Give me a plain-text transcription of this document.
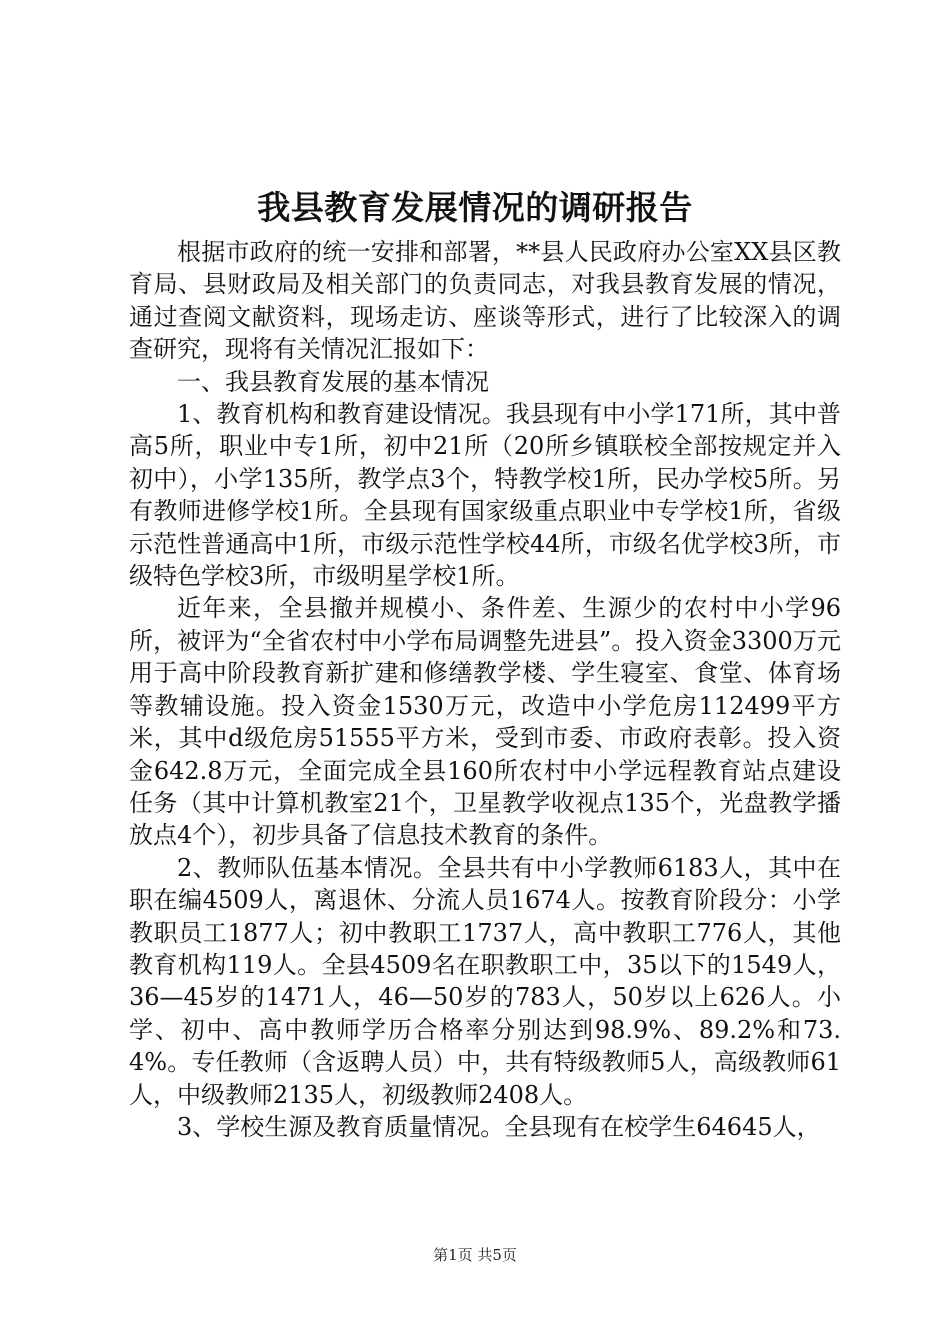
我县教育发展情况的调研报告

根据市政府的统一安排和部署，**县人民政府办公室XX县区教育局、县财政局及相关部门的负责同志，对我县教育发展的情况，通过查阅文献资料，现场走访、座谈等形式，进行了比较深入的调查研究，现将有关情况汇报如下：

一、我县教育发展的基本情况

1、教育机构和教育建设情况。我县现有中小学171所，其中普高5所，职业中专1所，初中21所（20所乡镇联校全部按规定并入初中），小学135所，教学点3个，特教学校1所，民办学校5所。另有教师进修学校1所。全县现有国家级重点职业中专学校1所，省级示范性普通高中1所，市级示范性学校44所，市级名优学校3所，市级特色学校3所，市级明星学校1所。

近年来，全县撤并规模小、条件差、生源少的农村中小学96所，被评为“全省农村中小学布局调整先进县”。投入资金3300万元用于高中阶段教育新扩建和修缮教学楼、学生寝室、食堂、体育场等教辅设施。投入资金1530万元，改造中小学危房112499平方米，其中d级危房51555平方米，受到市委、市政府表彰。投入资金642.8万元，全面完成全县160所农村中小学远程教育站点建设任务（其中计算机教室21个，卫星教学收视点135个，光盘教学播放点4个），初步具备了信息技术教育的条件。

2、教师队伍基本情况。全县共有中小学教师6183人，其中在职在编4509人，离退休、分流人员1674人。按教育阶段分：小学教职员工1877人；初中教职工1737人，高中教职工776人，其他教育机构119人。全县4509名在职教职工中，35以下的1549人，36—45岁的1471人，46—50岁的783人，50岁以上626人。小学、初中、高中教师学历合格率分别达到98.9%、89.2%和73.4%。专任教师（含返聘人员）中，共有特级教师5人，高级教师61人，中级教师2135人，初级教师2408人。

3、学校生源及教育质量情况。全县现有在校学生64645人，

第1页 共5页
